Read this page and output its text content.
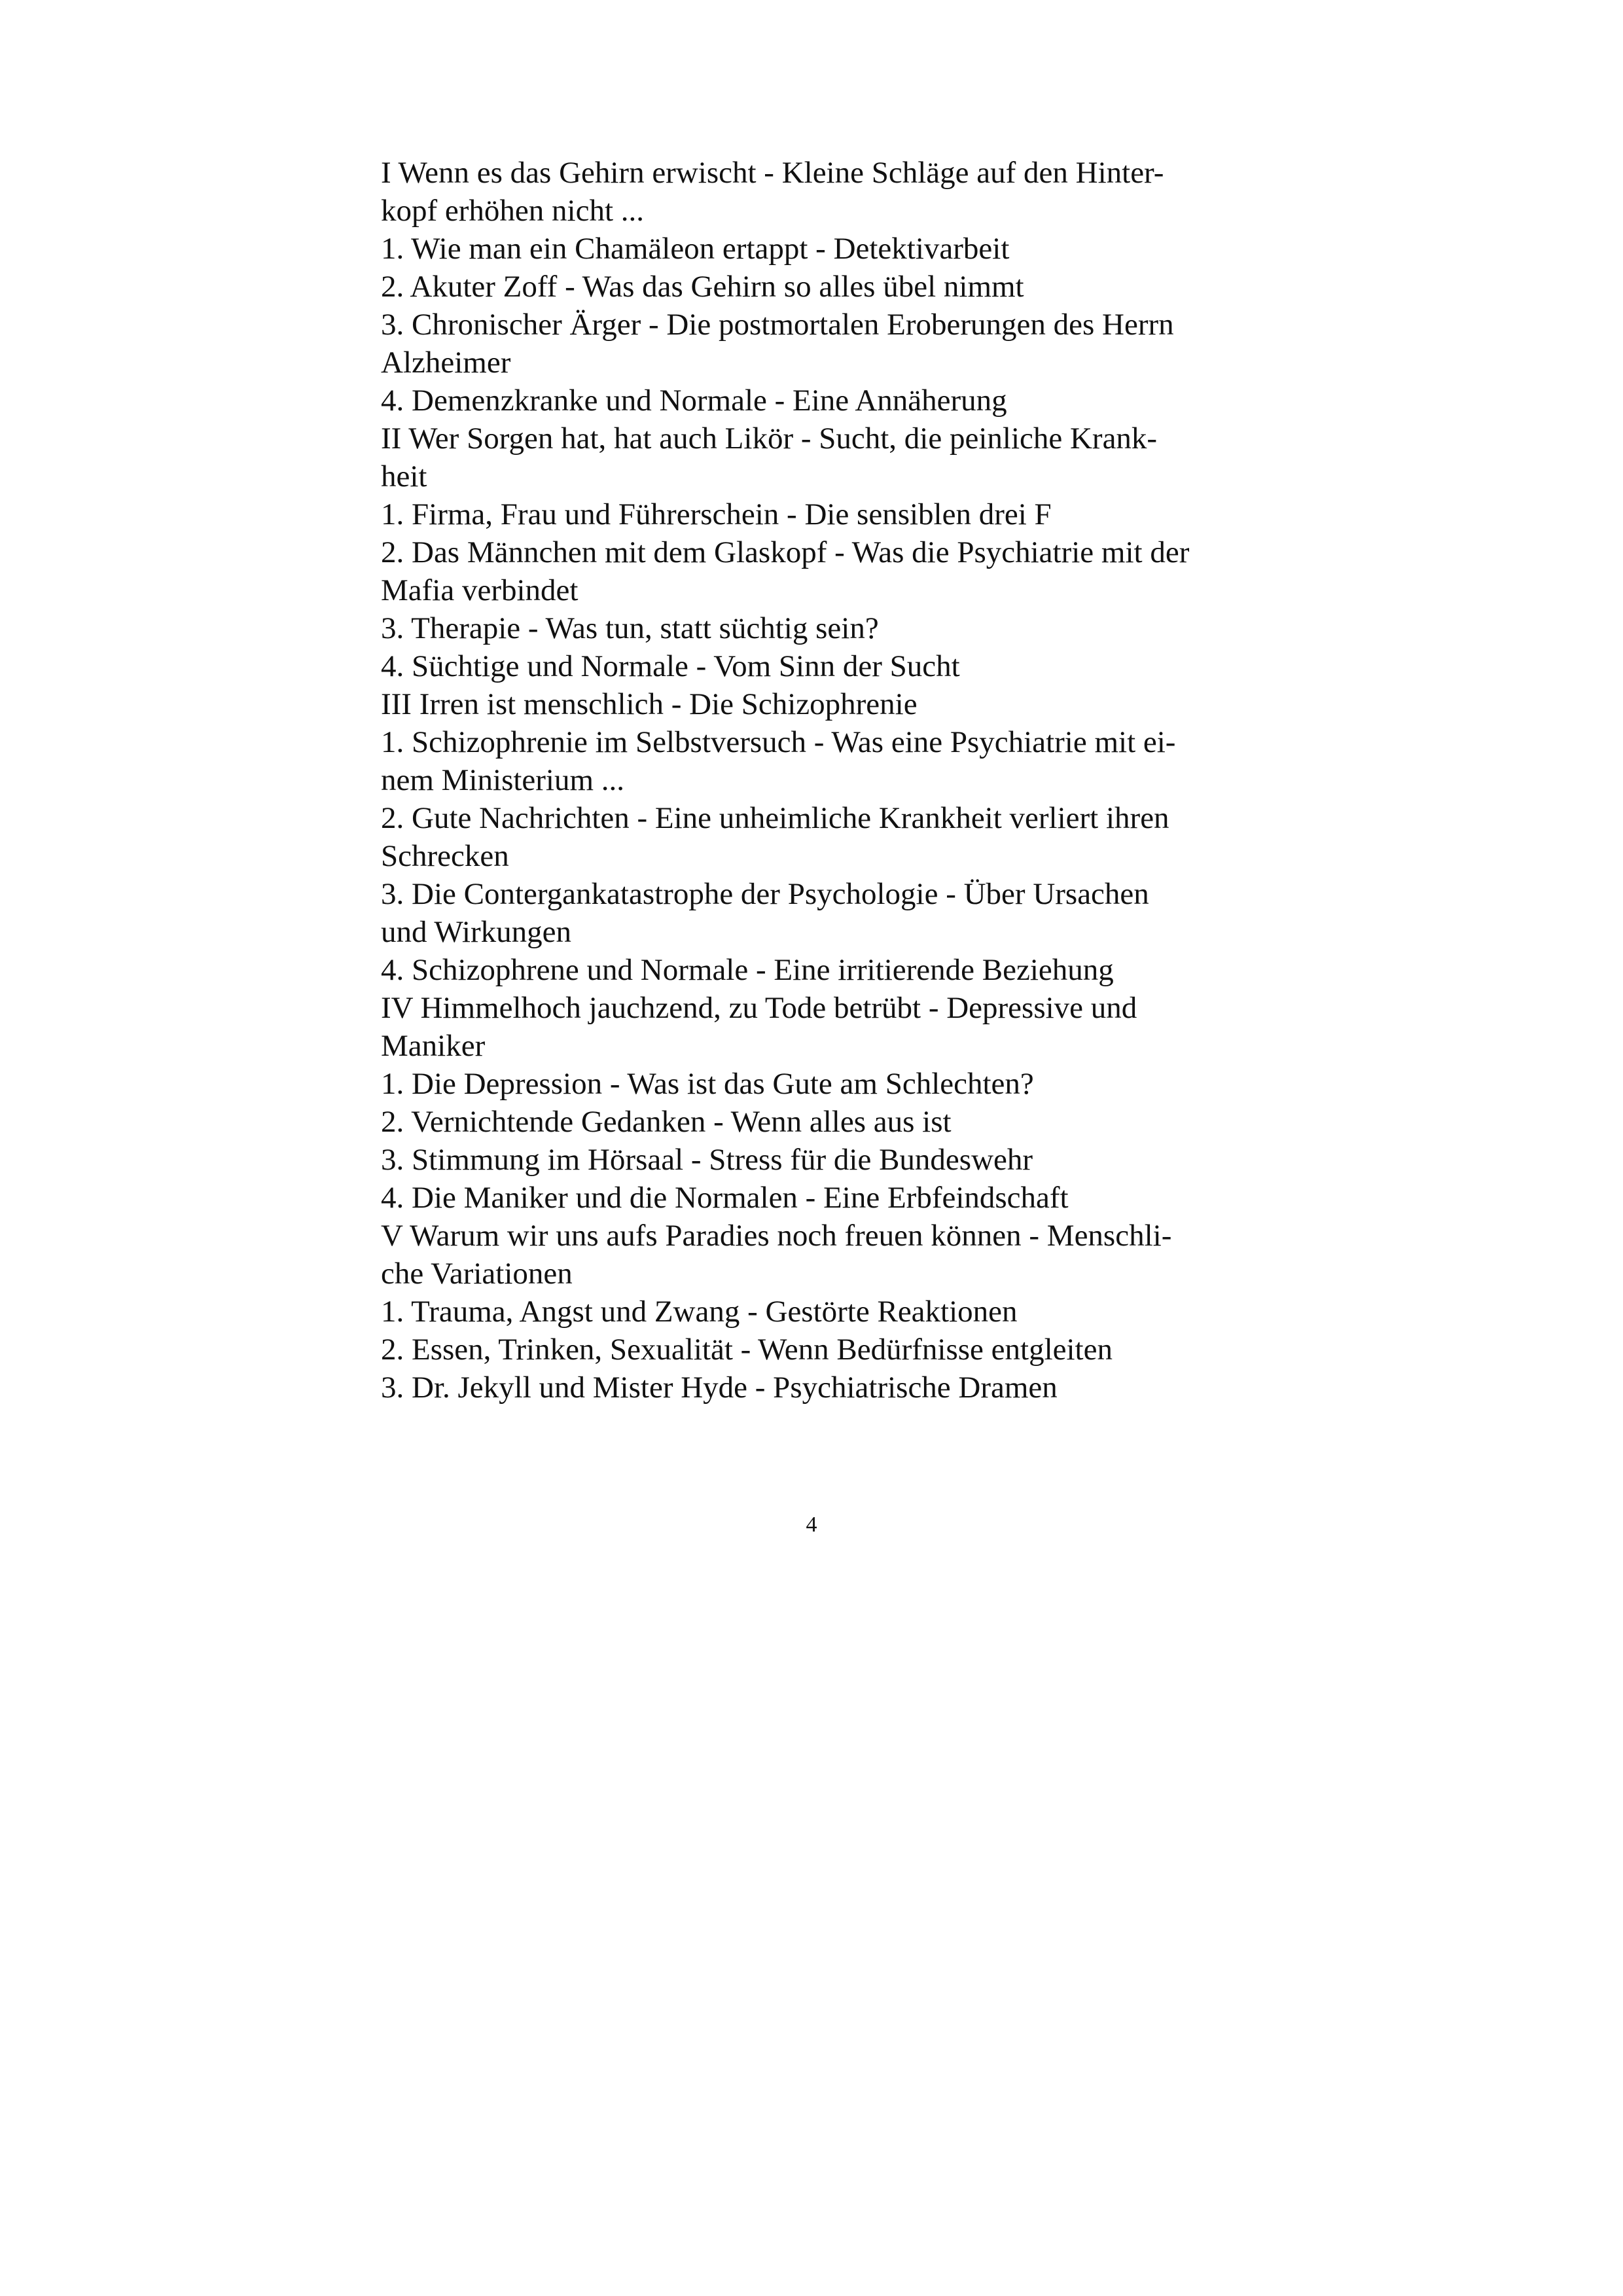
I Wenn es das Gehirn erwischt - Kleine Schläge auf den Hinter-
kopf erhöhen nicht ...
1. Wie man ein Chamäleon ertappt - Detektivarbeit
2. Akuter Zoff - Was das Gehirn so alles übel nimmt
3. Chronischer Ärger - Die postmortalen Eroberungen des Herrn
Alzheimer
4. Demenzkranke und Normale - Eine Annäherung
II Wer Sorgen hat, hat auch Likör - Sucht, die peinliche Krank-
heit
1. Firma, Frau und Führerschein - Die sensiblen drei F
2. Das Männchen mit dem Glaskopf - Was die Psychiatrie mit der
Mafia verbindet
3. Therapie - Was tun, statt süchtig sein?
4. Süchtige und Normale - Vom Sinn der Sucht
III Irren ist menschlich - Die Schizophrenie
1. Schizophrenie im Selbstversuch - Was eine Psychiatrie mit ei-
nem Ministerium ...
2. Gute Nachrichten - Eine unheimliche Krankheit verliert ihren
Schrecken
3. Die Contergankatastrophe der Psychologie - Über Ursachen
und Wirkungen
4. Schizophrene und Normale - Eine irritierende Beziehung
IV Himmelhoch jauchzend, zu Tode betrübt - Depressive und
Maniker
1. Die Depression - Was ist das Gute am Schlechten?
2. Vernichtende Gedanken - Wenn alles aus ist
3. Stimmung im Hörsaal - Stress für die Bundeswehr
4. Die Maniker und die Normalen - Eine Erbfeindschaft
V Warum wir uns aufs Paradies noch freuen können - Menschli-
che Variationen
1. Trauma, Angst und Zwang - Gestörte Reaktionen
2. Essen, Trinken, Sexualität - Wenn Bedürfnisse entgleiten
3. Dr. Jekyll und Mister Hyde - Psychiatrische Dramen
4
